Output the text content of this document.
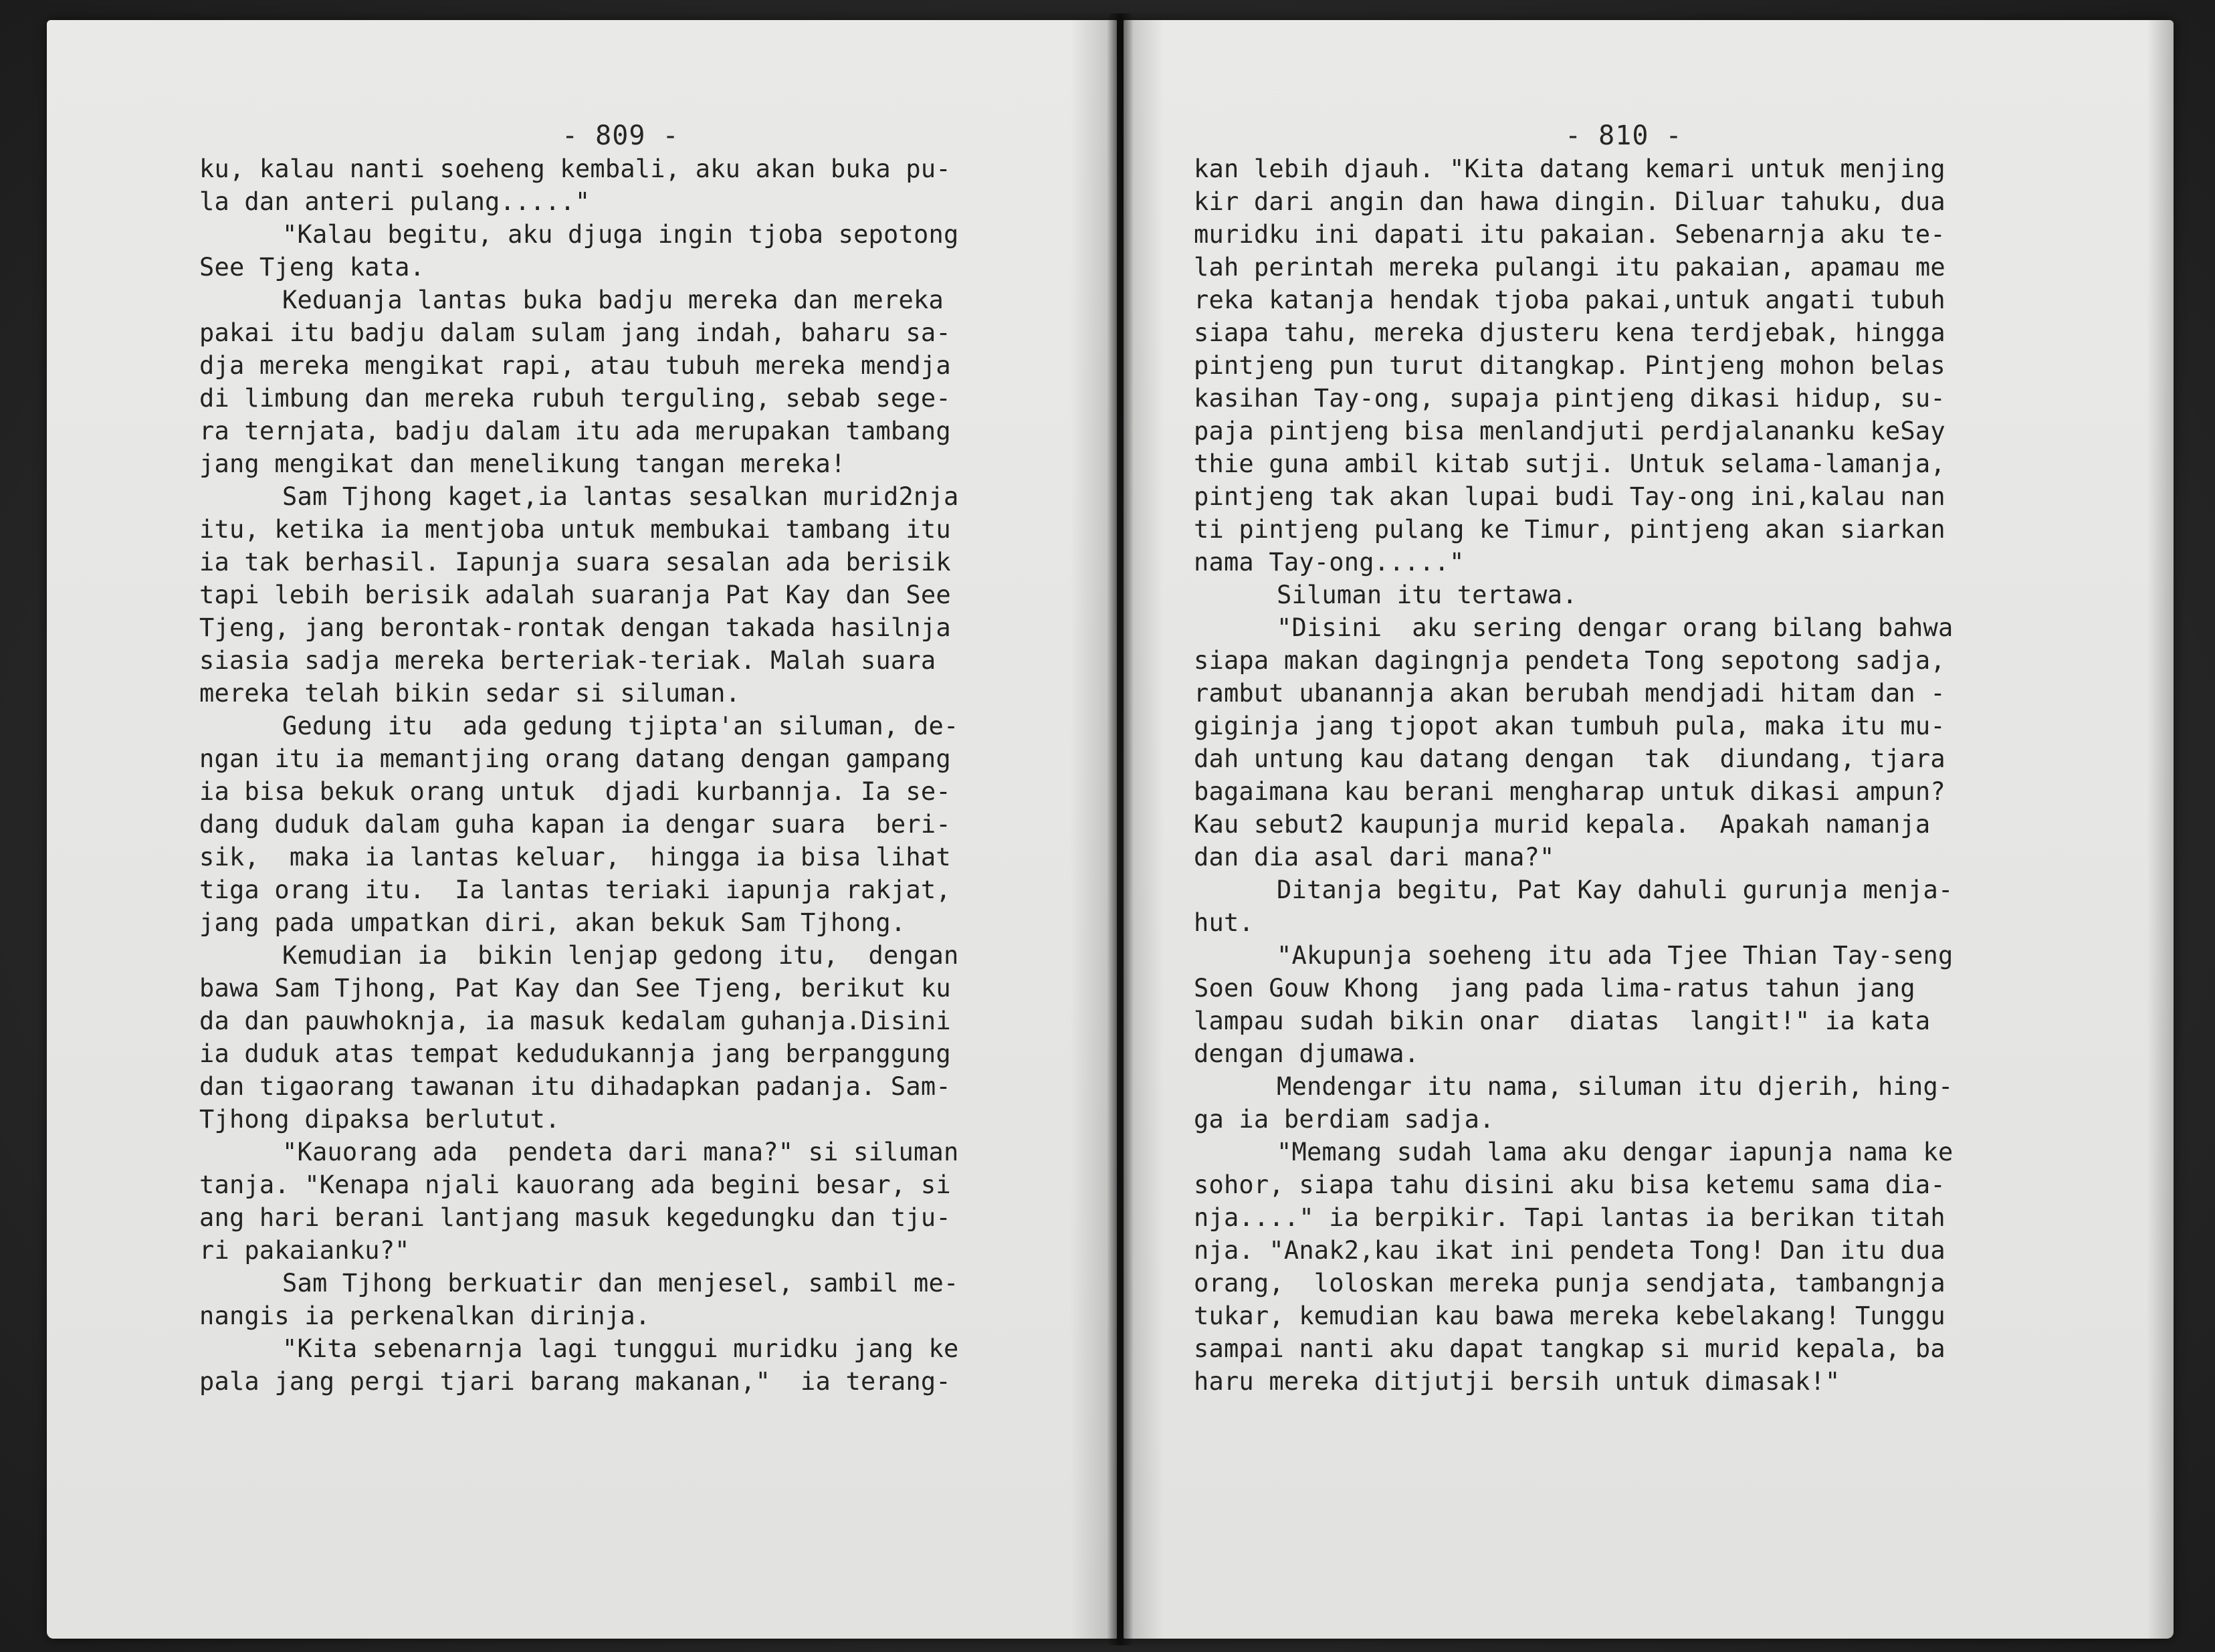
- 809 -
ku, kalau nanti soeheng kembali, aku akan buka pu-
la dan anteri pulang....."
"Kalau begitu, aku djuga ingin tjoba sepotong
See Tjeng kata.
Keduanja lantas buka badju mereka dan mereka
pakai itu badju dalam sulam jang indah, baharu sa-
dja mereka mengikat rapi, atau tubuh mereka mendja
di limbung dan mereka rubuh terguling, sebab sege-
ra ternjata, badju dalam itu ada merupakan tambang
jang mengikat dan menelikung tangan mereka!
Sam Tjhong kaget,ia lantas sesalkan murid2nja
itu, ketika ia mentjoba untuk membukai tambang itu
ia tak berhasil. Iapunja suara sesalan ada berisik
tapi lebih berisik adalah suaranja Pat Kay dan See
Tjeng, jang berontak-rontak dengan takada hasilnja
siasia sadja mereka berteriak-teriak. Malah suara
mereka telah bikin sedar si siluman.
Gedung itu  ada gedung tjipta'an siluman, de-
ngan itu ia memantjing orang datang dengan gampang
ia bisa bekuk orang untuk  djadi kurbannja. Ia se-
dang duduk dalam guha kapan ia dengar suara  beri-
sik,  maka ia lantas keluar,  hingga ia bisa lihat
tiga orang itu.  Ia lantas teriaki iapunja rakjat,
jang pada umpatkan diri, akan bekuk Sam Tjhong.
Kemudian ia  bikin lenjap gedong itu,  dengan
bawa Sam Tjhong, Pat Kay dan See Tjeng, berikut ku
da dan pauwhoknja, ia masuk kedalam guhanja.Disini
ia duduk atas tempat kedudukannja jang berpanggung
dan tigaorang tawanan itu dihadapkan padanja. Sam-
Tjhong dipaksa berlutut.
"Kauorang ada  pendeta dari mana?" si siluman
tanja. "Kenapa njali kauorang ada begini besar, si
ang hari berani lantjang masuk kegedungku dan tju-
ri pakaianku?"
Sam Tjhong berkuatir dan menjesel, sambil me-
nangis ia perkenalkan dirinja.
"Kita sebenarnja lagi tunggui muridku jang ke
pala jang pergi tjari barang makanan,"  ia terang-
- 810 -
kan lebih djauh. "Kita datang kemari untuk menjing
kir dari angin dan hawa dingin. Diluar tahuku, dua
muridku ini dapati itu pakaian. Sebenarnja aku te-
lah perintah mereka pulangi itu pakaian, apamau me
reka katanja hendak tjoba pakai,untuk angati tubuh
siapa tahu, mereka djusteru kena terdjebak, hingga
pintjeng pun turut ditangkap. Pintjeng mohon belas
kasihan Tay-ong, supaja pintjeng dikasi hidup, su-
paja pintjeng bisa menlandjuti perdjalananku keSay
thie guna ambil kitab sutji. Untuk selama-lamanja,
pintjeng tak akan lupai budi Tay-ong ini,kalau nan
ti pintjeng pulang ke Timur, pintjeng akan siarkan
nama Tay-ong....."
Siluman itu tertawa.
"Disini  aku sering dengar orang bilang bahwa
siapa makan dagingnja pendeta Tong sepotong sadja,
rambut ubanannja akan berubah mendjadi hitam dan -
giginja jang tjopot akan tumbuh pula, maka itu mu-
dah untung kau datang dengan  tak  diundang, tjara
bagaimana kau berani mengharap untuk dikasi ampun?
Kau sebut2 kaupunja murid kepala.  Apakah namanja
dan dia asal dari mana?"
Ditanja begitu, Pat Kay dahuli gurunja menja-
hut.
"Akupunja soeheng itu ada Tjee Thian Tay-seng
Soen Gouw Khong  jang pada lima-ratus tahun jang
lampau sudah bikin onar  diatas  langit!" ia kata
dengan djumawa.
Mendengar itu nama, siluman itu djerih, hing-
ga ia berdiam sadja.
"Memang sudah lama aku dengar iapunja nama ke
sohor, siapa tahu disini aku bisa ketemu sama dia-
nja...." ia berpikir. Tapi lantas ia berikan titah
nja. "Anak2,kau ikat ini pendeta Tong! Dan itu dua
orang,  loloskan mereka punja sendjata, tambangnja
tukar, kemudian kau bawa mereka kebelakang! Tunggu
sampai nanti aku dapat tangkap si murid kepala, ba
haru mereka ditjutji bersih untuk dimasak!"
